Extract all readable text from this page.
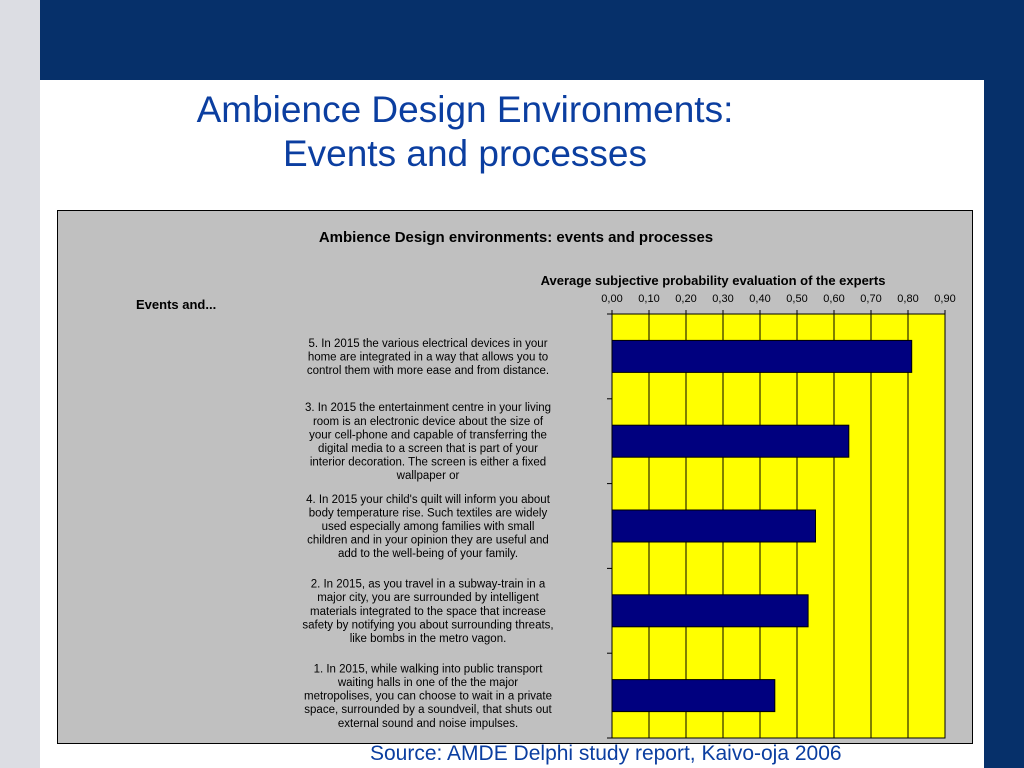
Ambience Design Environments:
Events and processes
Ambience Design environments: events and processes
Average subjective probability evaluation of the experts
Events and...	0,00 0,10 0,20 0,30 0,40 0,50 0,60 0,70 0,80 0,90
5. In 2015 the various electrical devices in your home are integrated in a way that allows you to control them with more ease and from distance.
3. In 2015 the entertainment centre in your living room is an electronic device about the size of your cell-phone and capable of transferring the digital media to a screen that is part of your interior decoration. The screen is either a fixed wallpaper or
4. In 2015 your child's quilt will inform you about body temperature rise. Such textiles are widely used especially among families with small children and in your opinion they are useful and add to the well-being of your family.
2. In 2015, as you travel in a subway-train in a major city, you are surrounded by intelligent materials integrated to the space that increase safety by notifying you about surrounding threats, like bombs in the metro vagon.
1. In 2015, while walking into public transport waiting halls in one of the the major metropolises, you can choose to wait in a private space, surrounded by a soundveil, that shuts out external sound and noise impulses.
Source: AMDE Delphi study report, Kaivo-oja 2006
